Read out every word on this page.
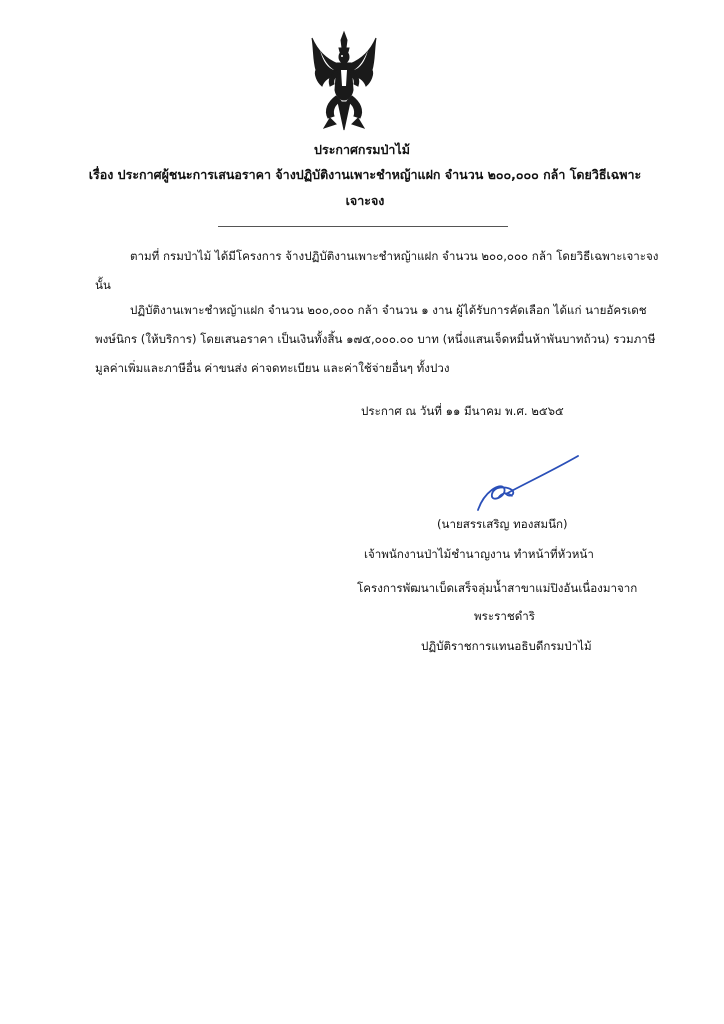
ประกาศกรมป่าไม้
เรื่อง ประกาศผู้ชนะการเสนอราคา จ้างปฏิบัติงานเพาะชำหญ้าแฝก จำนวน ๒๐๐,๐๐๐ กล้า โดยวิธีเฉพาะ
เจาะจง
ตามที่ กรมป่าไม้ ได้มีโครงการ จ้างปฏิบัติงานเพาะชำหญ้าแฝก จำนวน ๒๐๐,๐๐๐ กล้า โดยวิธีเฉพาะเจาะจง นั้น
ปฏิบัติงานเพาะชำหญ้าแฝก จำนวน ๒๐๐,๐๐๐ กล้า จำนวน ๑ งาน ผู้ได้รับการคัดเลือก ได้แก่ นายอัครเดช พงษ์นิกร (ให้บริการ) โดยเสนอราคา เป็นเงินทั้งสิ้น ๑๗๕,๐๐๐.๐๐ บาท (หนึ่งแสนเจ็ดหมื่นห้าพันบาทถ้วน) รวมภาษีมูลค่าเพิ่มและภาษีอื่น ค่าขนส่ง ค่าจดทะเบียน และค่าใช้จ่ายอื่นๆ ทั้งปวง
ประกาศ ณ วันที่ ๑๑ มีนาคม พ.ศ. ๒๕๖๕
(นายสรรเสริญ ทองสมนึก)
เจ้าพนักงานป่าไม้ชำนาญงาน ทำหน้าที่หัวหน้า
โครงการพัฒนาเบ็ดเสร็จลุ่มน้ำสาขาแม่ปิงอันเนื่องมาจาก
พระราชดำริ
ปฏิบัติราชการแทนอธิบดีกรมป่าไม้
